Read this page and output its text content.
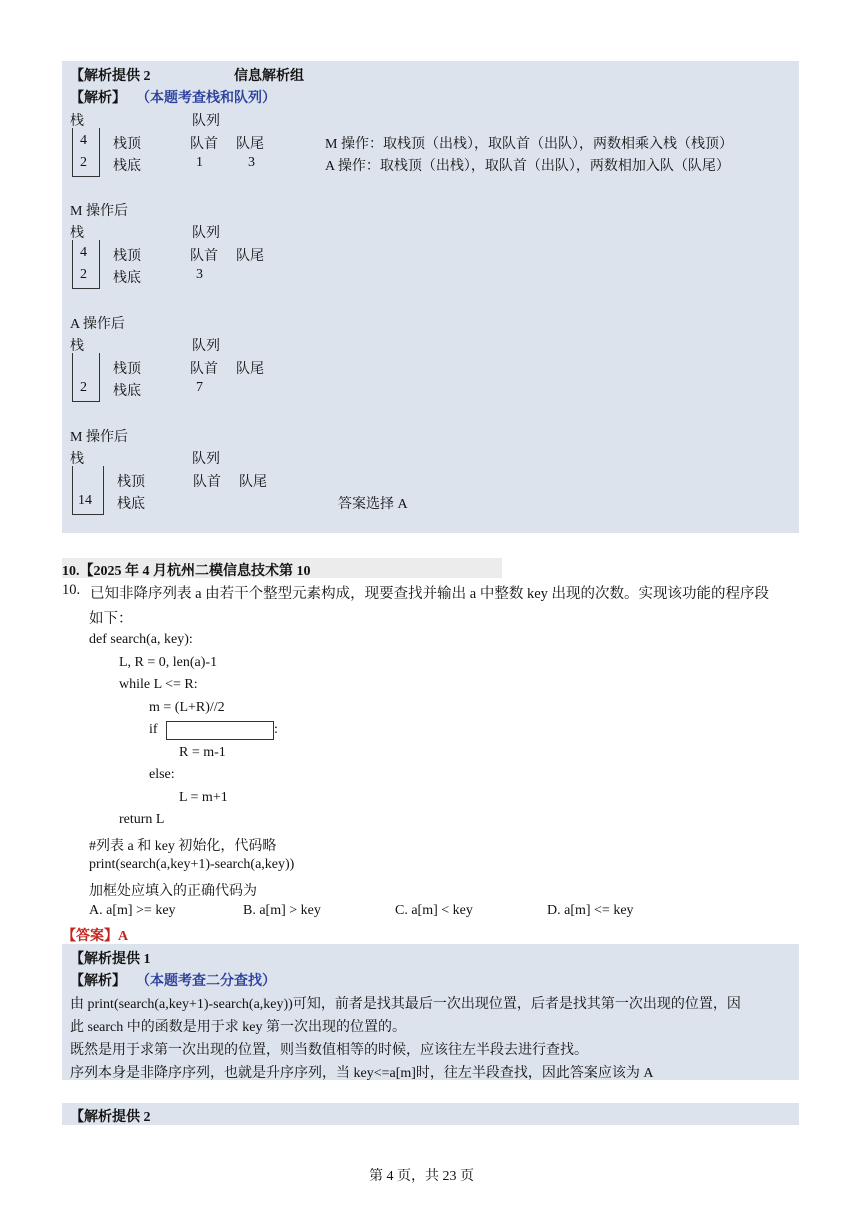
【解析提供 2	信息解析组
【解析】 （本题考查栈和队列）
栈	队列
4
2
栈顶
栈底
队首 队尾
1	3
M 操作：取栈顶（出栈），取队首（出队），两数相乘入栈（栈顶）
A 操作：取栈顶（出栈），取队首（出队），两数相加入队（队尾）
M 操作后
栈	队列
4
2
栈顶
栈底
队首 队尾
3
A 操作后
栈	队列
2
栈顶
栈底
队首 队尾
7
M 操作后
栈	队列
14
栈顶
栈底
队首 队尾
答案选择 A
10.【2025 年 4 月杭州二模信息技术第 10
10. 已知非降序列表 a 由若干个整型元素构成，现要查找并输出 a 中整数 key 出现的次数。实现该功能的程序段
如下：
def search(a, key):
L, R = 0, len(a)-1
while L <= R:
m = (L+R)//2
if	:
R = m-1
else:
L = m+1
return L
#列表 a 和 key 初始化，代码略
print(search(a,key+1)-search(a,key))
加框处应填入的正确代码为
A. a[m] >= key	B. a[m] > key	C. a[m] < key	D. a[m] <= key
【答案】A
【解析提供 1
【解析】 （本题考查二分查找）
由 print(search(a,key+1)-search(a,key))可知，前者是找其最后一次出现位置，后者是找其第一次出现的位置，因
此 search 中的函数是用于求 key 第一次出现的位置的。
既然是用于求第一次出现的位置，则当数值相等的时候，应该往左半段去进行查找。
序列本身是非降序序列，也就是升序序列，当 key<=a[m]时，往左半段查找，因此答案应该为 A
【解析提供 2
第 4 页，共 23 页
